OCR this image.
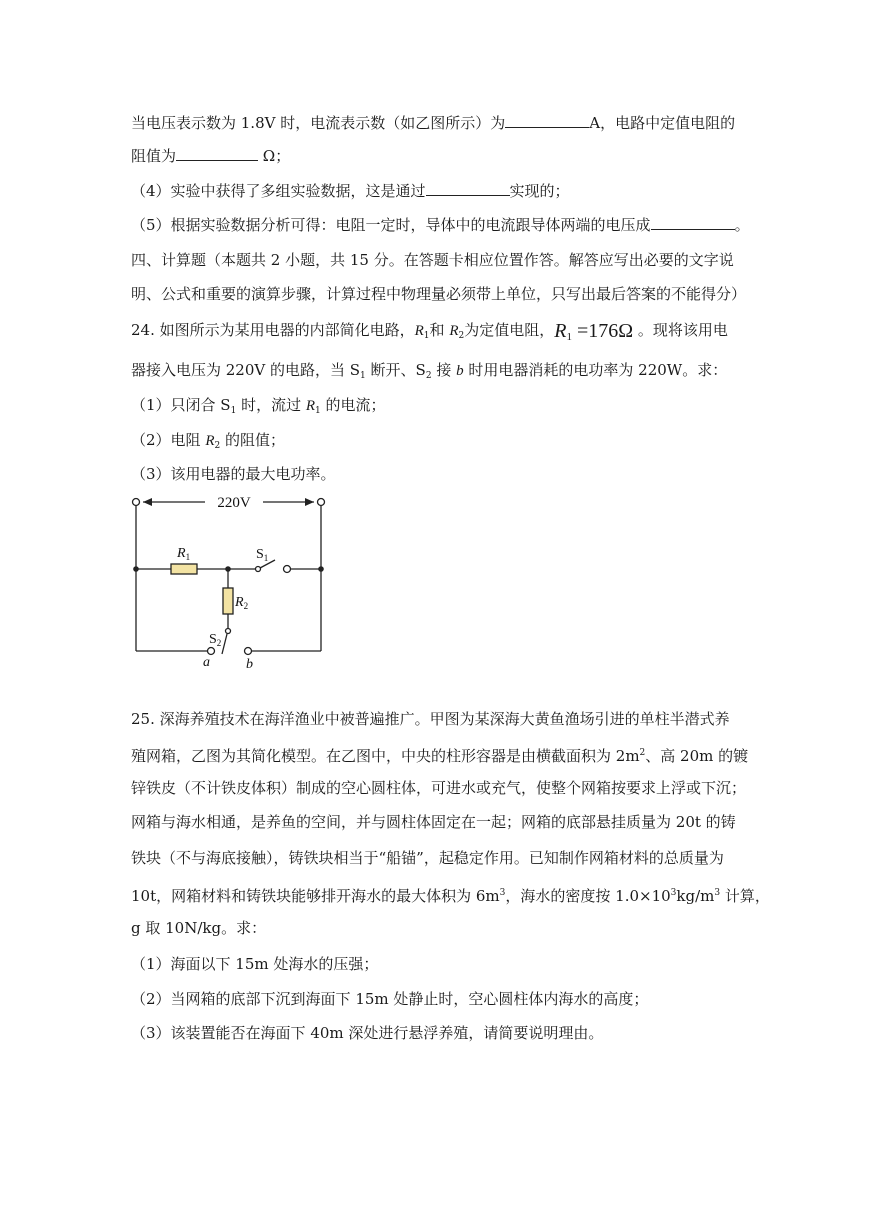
当电压表示数为 1.8V 时，电流表示数（如乙图所示）为	A，电路中定值电阻的
阻值为	Ω；
（4）实验中获得了多组实验数据，这是通过	实现的；
（5）根据实验数据分析可得：电阻一定时，导体中的电流跟导体两端的电压成	。
四、计算题（本题共 2 小题，共 15 分。在答题卡相应位置作答。解答应写出必要的文字说
明、公式和重要的演算步骤，计算过程中物理量必须带上单位，只写出最后答案的不能得分）
24. 如图所示为某用电器的内部简化电路，$R_1$和 $R_2$为定值电阻，$R_1 =176\Omega$ 。现将该用电
器接入电压为 220V 的电路，当 $S_1$ 断开、$S_2$ 接 b 时用电器消耗的电功率为 220W。求：
（1）只闭合 $S_1$ 时，流过 $R_1$ 的电流；
（2）电阻 $R_2$ 的阻值；
（3）该用电器的最大电功率。
220V
$R_1$
$R_2$
$S_1$
$S_2$
a	b
25. 深海养殖技术在海洋渔业中被普遍推广。甲图为某深海大黄鱼渔场引进的单柱半潜式养
殖网箱，乙图为其简化模型。在乙图中，中央的柱形容器是由横截面积为 $2m^2$、高 20m 的镀
锌铁皮（不计铁皮体积）制成的空心圆柱体，可进水或充气，使整个网箱按要求上浮或下沉；
网箱与海水相通，是养鱼的空间，并与圆柱体固定在一起；网箱的底部悬挂质量为 20t 的铸
铁块（不与海底接触），铸铁块相当于“船锚”，起稳定作用。已知制作网箱材料的总质量为
10t，网箱材料和铸铁块能够排开海水的最大体积为 $6m^3$，海水的密度按 $1.0\times 10^3kg/m^3$ 计算，
g 取 10N/kg。求：
（1）海面以下 15m 处海水的压强；
（2）当网箱的底部下沉到海面下 15m 处静止时，空心圆柱体内海水的高度；
（3）该装置能否在海面下 40m 深处进行悬浮养殖，请简要说明理由。
